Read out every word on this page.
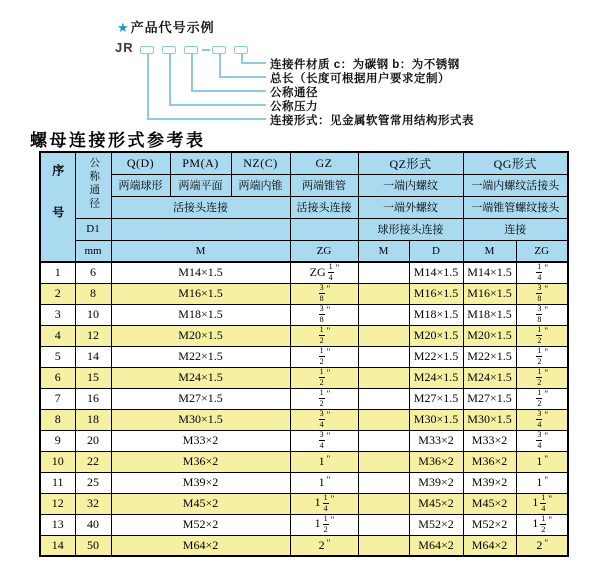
★产品代号示例
JR
连接件材质 c：为碳钢 b：为不锈钢
总长（长度可根据用户要求定制）
公称通径
公称压力
连接形式：见金属软管常用结构形式表
螺母连接形式参考表
序号	公称通径	Q(D)	PM(A)	NZ(C)	GZ	QZ形式		QG形式	
		两端球形	两端平面	两端内锥	两端锥管	一端内螺纹		一端内螺纹活接头	
		活接头连接			活接头连接	一端外螺纹		一端锥管螺纹接头	
	D1					球形接头连接		连接	
	mm	M			ZG	M	D	M	ZG
1	6	M14×1.5			ZG $\frac{1}{4} ^"$		M14×1.5	M14×1.5	$\frac{1}{4} ^"$
2	8	M16×1.5			$\frac{3}{8} ^"$		M16×1.5	M16×1.5	$\frac{3}{8} ^"$
3	10	M18×1.5			$\frac{3}{8} ^"$		M18×1.5	M18×1.5	$\frac{3}{8} ^"$
4	12	M20×1.5			$\frac{1}{2} ^"$		M20×1.5	M20×1.5	$\frac{1}{2} ^"$
5	14	M22×1.5			$\frac{1}{2} ^"$		M22×1.5	M22×1.5	$\frac{1}{2} ^"$
6	15	M24×1.5			$\frac{1}{2} ^"$		M24×1.5	M24×1.5	$\frac{1}{2} ^"$
7	16	M27×1.5			$\frac{1}{2} ^"$		M27×1.5	M27×1.5	$\frac{1}{2} ^"$
8	18	M30×1.5			$\frac{3}{4} ^"$		M30×1.5	M30×1.5	$\frac{3}{4} ^"$
9	20	M33×2			$\frac{3}{4} ^"$		M33×2	M33×2	$\frac{3}{4} ^"$
10	22	M36×2			1 "		M36×2	M36×2	1 "
11	25	M39×2			1 "		M39×2	M39×2	1 "
12	32	M45×2			$1 \frac{1}{4} ^"$		M45×2	M45×2	$1 \frac{1}{4} ^"$
13	40	M52×2			$1 \frac{1}{2} ^"$		M52×2	M52×2	$1 \frac{1}{2} ^"$
14	50	M64×2			2 "		M64×2	M64×2	2 "
